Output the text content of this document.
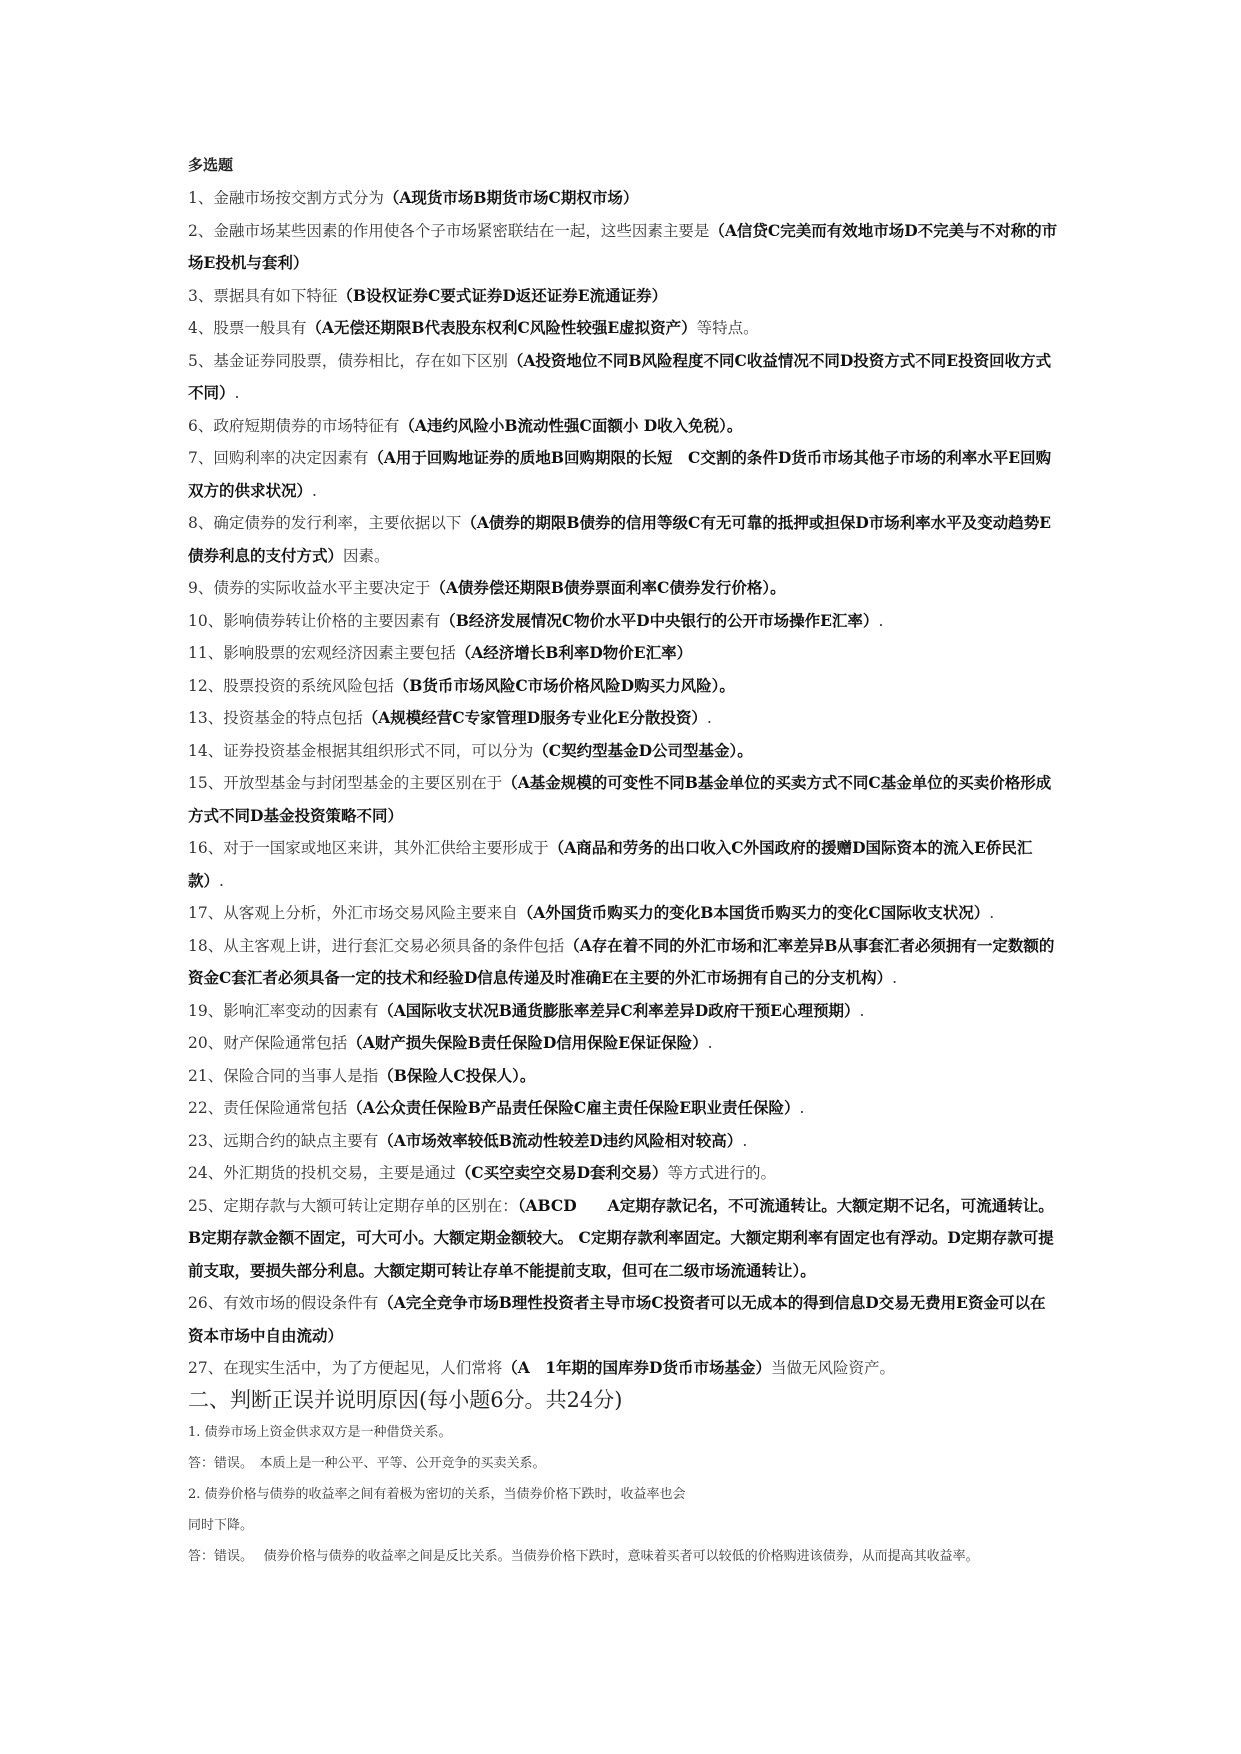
多选题

1、金融市场按交割方式分为（A现货市场B期货市场C期权市场）

2、金融市场某些因素的作用使各个子市场紧密联结在一起，这些因素主要是（A信贷C完美而有效地市场D不完美与不对称的市场E投机与套利）

3、票据具有如下特征（B设权证券C要式证券D返还证券E流通证券）

4、股票一般具有（A无偿还期限B代表股东权利C风险性较强E虚拟资产）等特点。

5、基金证券同股票，债券相比，存在如下区别（A投资地位不同B风险程度不同C收益情况不同D投资方式不同E投资回收方式不同）.

6、政府短期债券的市场特征有（A违约风险小B流动性强C面额小 D收入免税）。

7、回购利率的决定因素有（A用于回购地证券的质地B回购期限的长短　C交割的条件D货币市场其他子市场的利率水平E回购双方的供求状况）.

8、确定债券的发行利率，主要依据以下（A债券的期限B债券的信用等级C有无可靠的抵押或担保D市场利率水平及变动趋势E债券利息的支付方式）因素。

9、债券的实际收益水平主要决定于（A债券偿还期限B债券票面利率C债券发行价格）。

10、影响债券转让价格的主要因素有（B经济发展情况C物价水平D中央银行的公开市场操作E汇率）.

11、影响股票的宏观经济因素主要包括（A经济增长B利率D物价E汇率）

12、股票投资的系统风险包括（B货币市场风险C市场价格风险D购买力风险）。

13、投资基金的特点包括（A规模经营C专家管理D服务专业化E分散投资）.

14、证券投资基金根据其组织形式不同，可以分为（C契约型基金D公司型基金）。

15、开放型基金与封闭型基金的主要区别在于（A基金规模的可变性不同B基金单位的买卖方式不同C基金单位的买卖价格形成方式不同D基金投资策略不同）

16、对于一国家或地区来讲，其外汇供给主要形成于（A商品和劳务的出口收入C外国政府的援赠D国际资本的流入E侨民汇款）.

17、从客观上分析，外汇市场交易风险主要来自（A外国货币购买力的变化B本国货币购买力的变化C国际收支状况）.

18、从主客观上讲，进行套汇交易必须具备的条件包括（A存在着不同的外汇市场和汇率差异B从事套汇者必须拥有一定数额的资金C套汇者必须具备一定的技术和经验D信息传递及时准确E在主要的外汇市场拥有自己的分支机构）.

19、影响汇率变动的因素有（A国际收支状况B通货膨胀率差异C利率差异D政府干预E心理预期）.

20、财产保险通常包括（A财产损失保险B责任保险D信用保险E保证保险）.

21、保险合同的当事人是指（B保险人C投保人）。

22、责任保险通常包括（A公众责任保险B产品责任保险C雇主责任保险E职业责任保险）.

23、远期合约的缺点主要有（A市场效率较低B流动性较差D违约风险相对较高）.

24、外汇期货的投机交易，主要是通过（C买空卖空交易D套利交易）等方式进行的。

25、定期存款与大额可转让定期存单的区别在：（ABCD　　A定期存款记名，不可流通转让。大额定期不记名，可流通转让。B定期存款金额不固定，可大可小。大额定期金额较大。 C定期存款利率固定。大额定期利率有固定也有浮动。D定期存款可提前支取，要损失部分利息。大额定期可转让存单不能提前支取，但可在二级市场流通转让）。

26、有效市场的假设条件有（A完全竞争市场B理性投资者主导市场C投资者可以无成本的得到信息D交易无费用E资金可以在资本市场中自由流动）

27、在现实生活中，为了方便起见，人们常将（A　1年期的国库券D货币市场基金）当做无风险资产。

二、判断正误并说明原因(每小题6分。共24分)

1. 债券市场上资金供求双方是一种借贷关系。

答：错误。　本质上是一种公平、平等、公开竞争的买卖关系。

2. 债券价格与债券的收益率之间有着极为密切的关系，当债券价格下跌时，收益率也会

同时下降。

答：错误。　 债券价格与债券的收益率之间是反比关系。当债券价格下跌时，意味着买者可以较低的价格购进该债券，从而提高其收益率。
